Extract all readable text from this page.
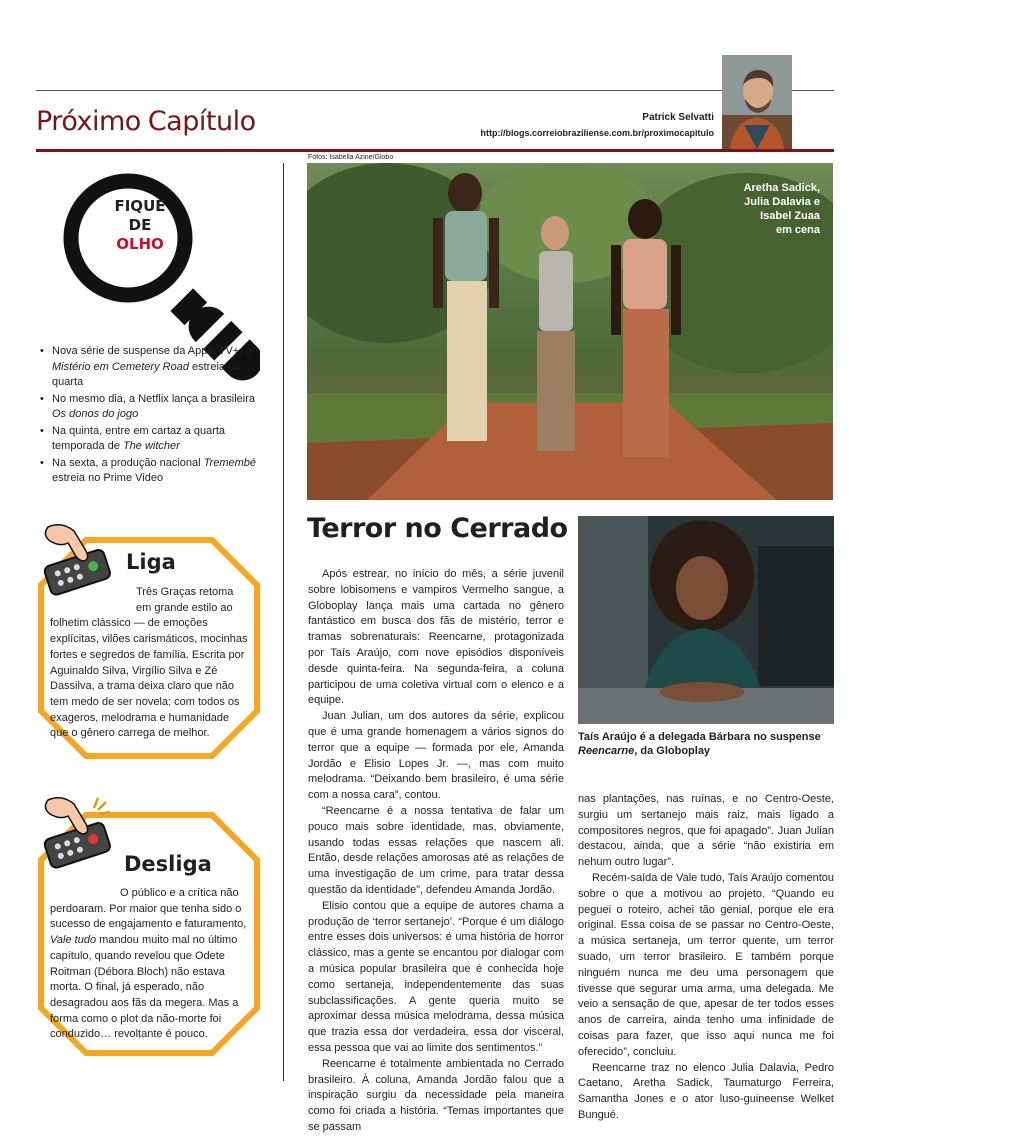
Próximo Capítulo	Patrick Selvatti
http://blogs.correiobraziliense.com.br/proximocapitulo
Fotos: Isabella Azine/Globo
FIQUE
DE
OLHO
• Nova série de suspense da Apple TV+, o Mistério em Cemetery Road estreia na quarta
• No mesmo dia, a Netflix lança a brasileira Os donos do jogo
• Na quinta, entre em cartaz a quarta temporada de The witcher
• Na sexta, a produção nacional Tremembé estreia no Prime Video
Liga
Três Graças retoma em grande estilo ao folhetim clássico — de emoções explícitas, vilões carismáticos, mocinhas fortes e segredos de família. Escrita por Aguinaldo Silva, Virgílio Silva e Zé Dassilva, a trama deixa claro que não tem medo de ser novela: com todos os exageros, melodrama e humanidade que o gênero carrega de melhor.
Desliga
O público e a crítica não perdoaram. Por maior que tenha sido o sucesso de engajamento e faturamento, Vale tudo mandou muito mal no último capítulo, quando revelou que Odete Roitman (Débora Bloch) não estava morta. O final, já esperado, não desagradou aos fãs da megera. Mas a forma como o plot da não-morte foi conduzido… revoltante é pouco.
Aretha Sadick,
Julia Dalavia e
Isabel Zuaa
em cena
Terror no Cerrado

Após estrear, no início do mês, a série juvenil sobre lobisomens e vampiros Vermelho sangue, a Globoplay lança mais uma cartada no gênero fantástico em busca dos fãs de mistério, terror e tramas sobrenaturais: Reencarne, protagonizada por Taís Araújo, com nove episódios disponíveis desde quinta-feira. Na segunda-feira, a coluna participou de uma coletiva virtual com o elenco e a equipe.

Juan Julian, um dos autores da série, explicou que é uma grande homenagem a vários signos do terror que a equipe — formada por ele, Amanda Jordão e Elisio Lopes Jr. —, mas com muito melodrama. “Deixando bem brasileiro, é uma série com a nossa cara”, contou.

“Reencarne é a nossa tentativa de falar um pouco mais sobre identidade, mas, obviamente, usando todas essas relações que nascem ali. Então, desde relações amorosas até as relações de uma investigação de um crime, para tratar dessa questão da identidade”, defendeu Amanda Jordão.

Elisio contou que a equipe de autores chama a produção de ‘terror sertanejo’. “Porque é um diálogo entre esses dois universos: é uma história de horror clássico, mas a gente se encantou por dialogar com a música popular brasileira que é conhecida hoje como sertaneja, independentemente das suas subclassificações. A gente queria muito se aproximar dessa música melodrama, dessa música que trazia essa dor verdadeira, essa dor visceral, essa pessoa que vai ao limite dos sentimentos.”

Reencarne é totalmente ambientada no Cerrado brasileiro. À coluna, Amanda Jordão falou que a inspiração surgiu da necessidade pela maneira como foi criada a história. “Temas importantes que se passam

Taís Araújo é a delegada Bárbara no suspense Reencarne, da Globoplay

nas plantações, nas ruínas, e no Centro-Oeste, surgiu um sertanejo mais raiz, mais ligado a compositores negros, que foi apagado”. Juan Julian destacou, ainda, que a série “não existiria em nehum outro lugar”.

Recém-saída de Vale tudo, Taís Araújo comentou sobre o que a motivou ao projeto. “Quando eu peguei o roteiro, achei tão genial, porque ele era original. Essa coisa de se passar no Centro-Oeste, a música sertaneja, um terror quente, um terror suado, um terror brasileiro. E também porque ninguém nunca me deu uma personagem que tivesse que segurar uma arma, uma delegada. Me veio a sensação de que, apesar de ter todos esses anos de carreira, ainda tenho uma infinidade de coisas para fazer, que isso aqui nunca me foi oferecido”, concluiu.

Reencarne traz no elenco Julia Dalavia, Pedro Caetano, Aretha Sadick, Taumaturgo Ferreira, Samantha Jones e o ator luso-guineense Welket Bungué.
